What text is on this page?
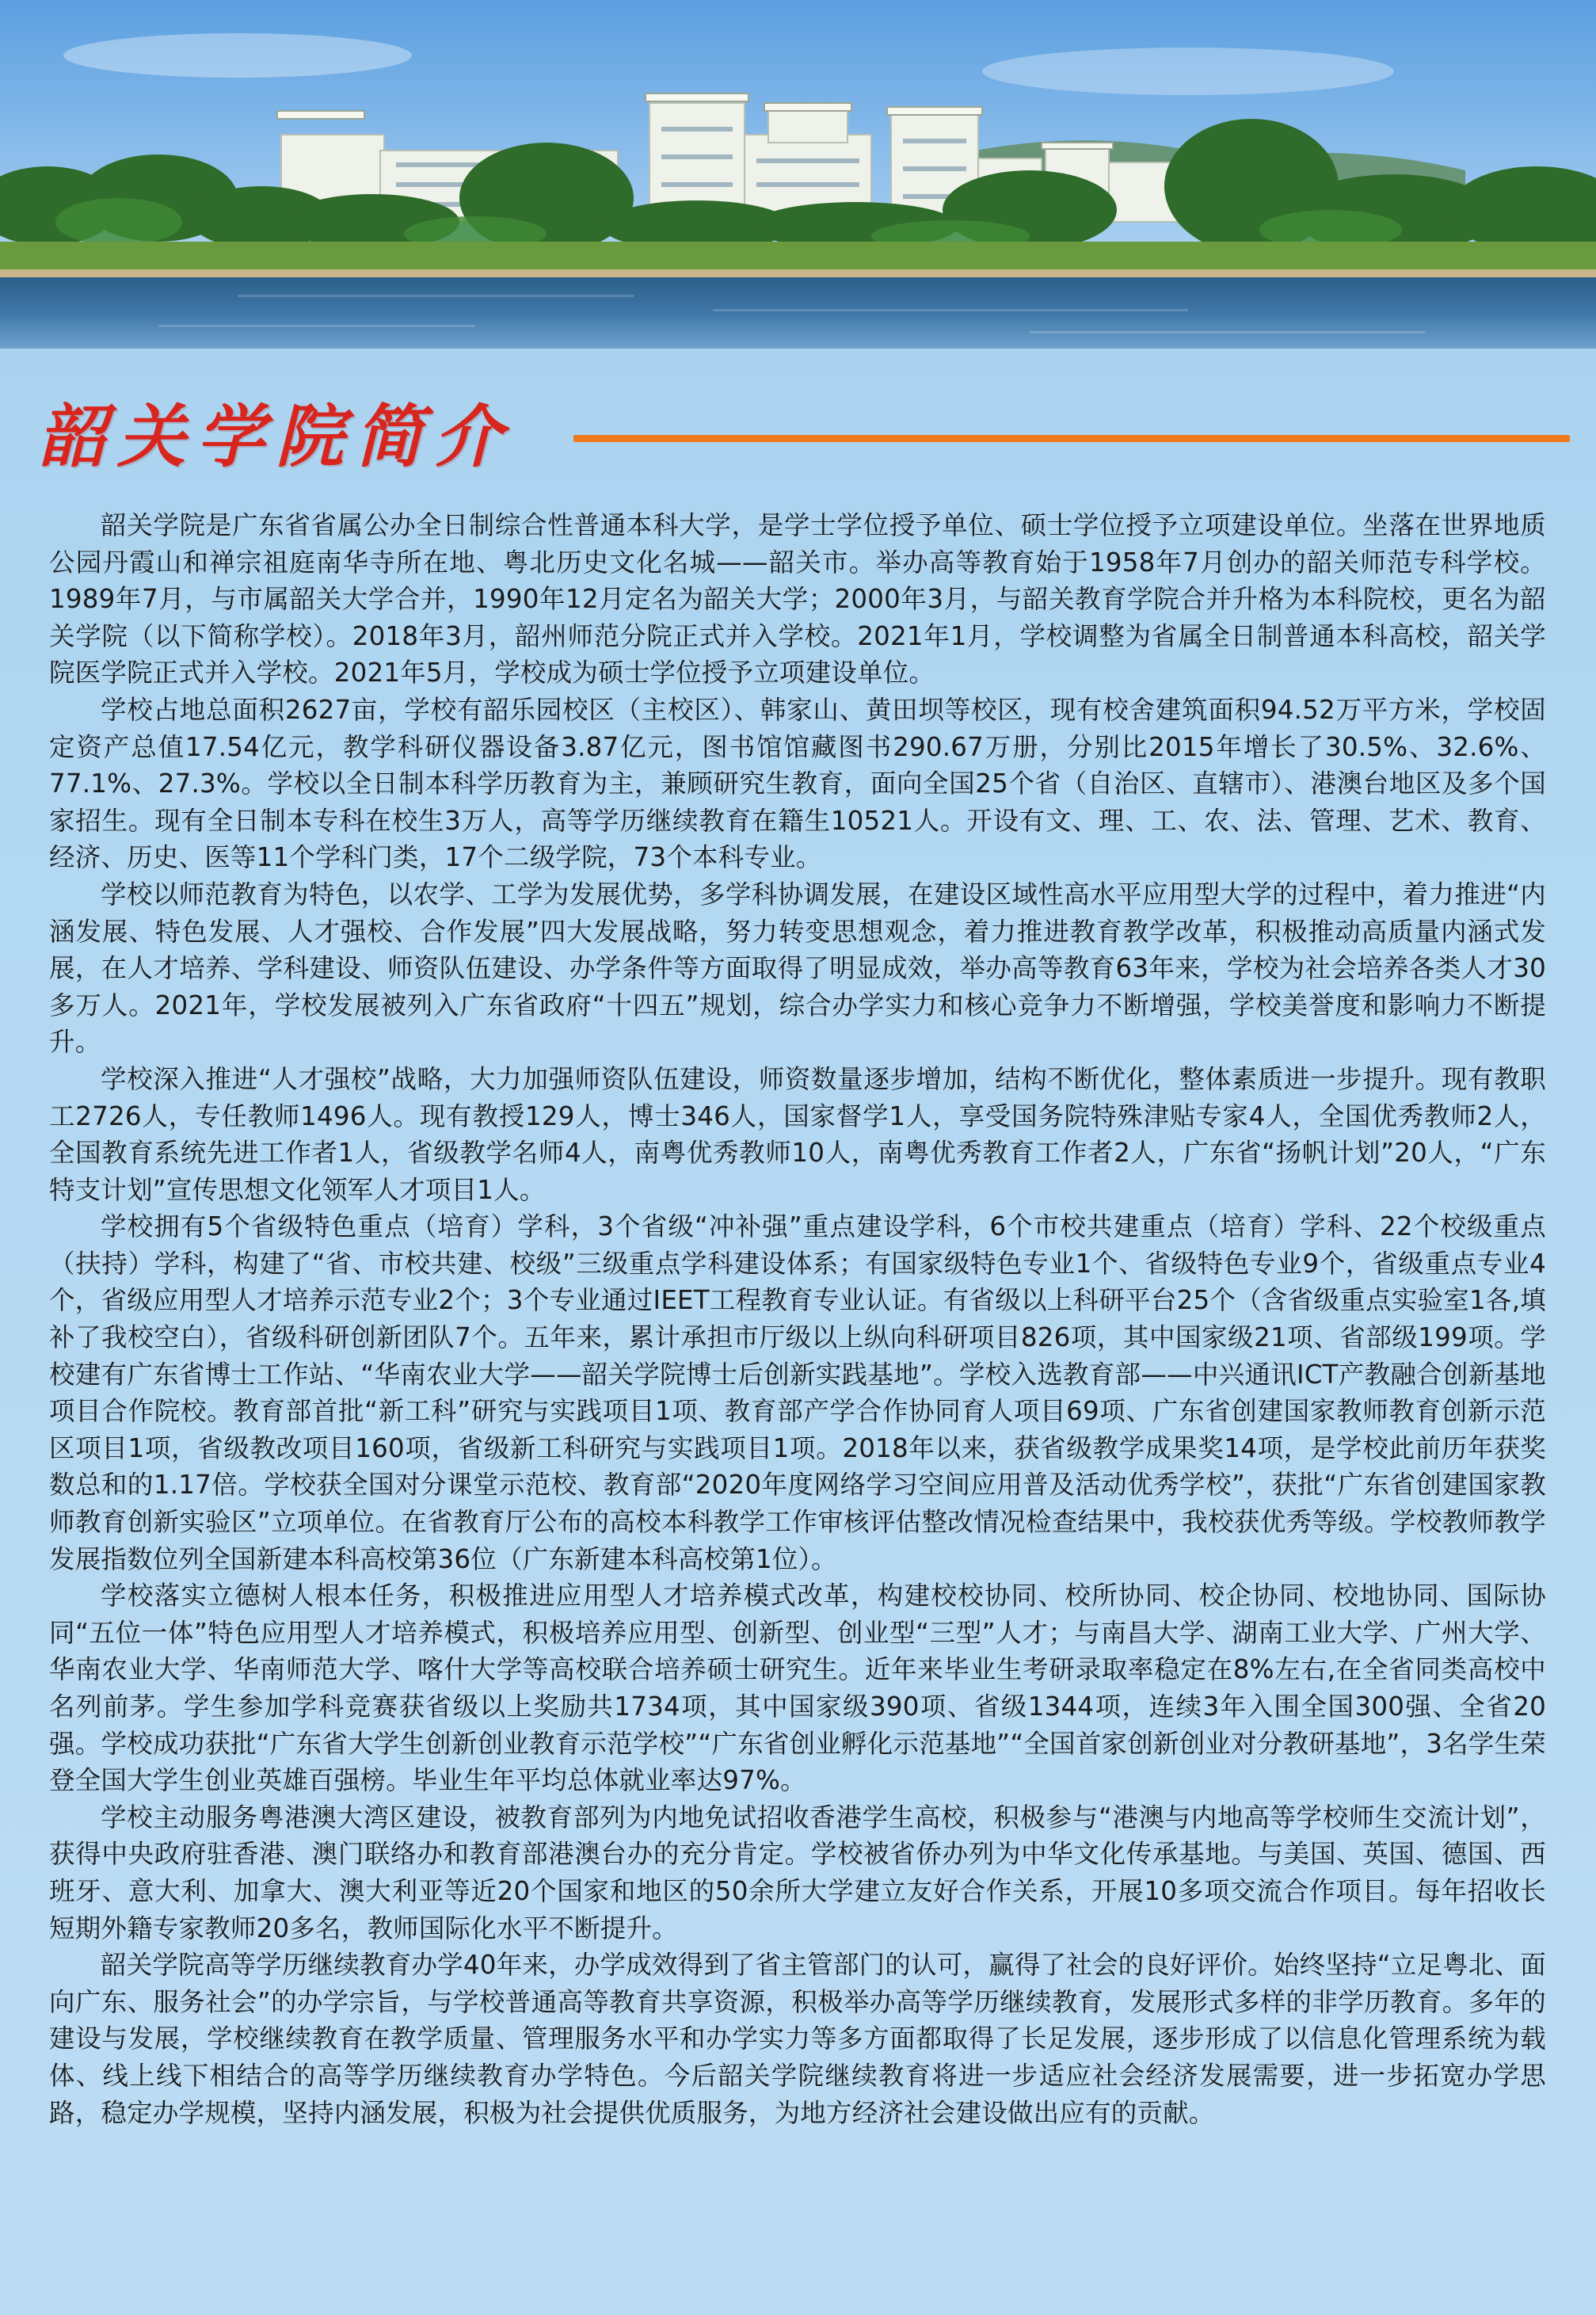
韶关学院简介

韶关学院是广东省省属公办全日制综合性普通本科大学，是学士学位授予单位、硕士学位授予立项建设单位。坐落在世界地质公园丹霞山和禅宗祖庭南华寺所在地、粤北历史文化名城——韶关市。举办高等教育始于1958年7月创办的韶关师范专科学校。1989年7月，与市属韶关大学合并，1990年12月定名为韶关大学；2000年3月，与韶关教育学院合并升格为本科院校，更名为韶关学院（以下简称学校）。2018年3月，韶州师范分院正式并入学校。2021年1月，学校调整为省属全日制普通本科高校，韶关学院医学院正式并入学校。2021年5月，学校成为硕士学位授予立项建设单位。

学校占地总面积2627亩，学校有韶乐园校区（主校区）、韩家山、黄田坝等校区，现有校舍建筑面积94.52万平方米，学校固定资产总值17.54亿元，教学科研仪器设备3.87亿元，图书馆馆藏图书290.67万册，分别比2015年增长了30.5%、32.6%、77.1%、27.3%。学校以全日制本科学历教育为主，兼顾研究生教育，面向全国25个省（自治区、直辖市）、港澳台地区及多个国家招生。现有全日制本专科在校生3万人，高等学历继续教育在籍生10521人。开设有文、理、工、农、法、管理、艺术、教育、经济、历史、医等11个学科门类，17个二级学院，73个本科专业。

学校以师范教育为特色，以农学、工学为发展优势，多学科协调发展，在建设区域性高水平应用型大学的过程中，着力推进“内涵发展、特色发展、人才强校、合作发展”四大发展战略，努力转变思想观念，着力推进教育教学改革，积极推动高质量内涵式发展，在人才培养、学科建设、师资队伍建设、办学条件等方面取得了明显成效，举办高等教育63年来，学校为社会培养各类人才30多万人。2021年，学校发展被列入广东省政府“十四五”规划，综合办学实力和核心竞争力不断增强，学校美誉度和影响力不断提升。

学校深入推进“人才强校”战略，大力加强师资队伍建设，师资数量逐步增加，结构不断优化，整体素质进一步提升。现有教职工2726人，专任教师1496人。现有教授129人，博士346人，国家督学1人，享受国务院特殊津贴专家4人，全国优秀教师2人，全国教育系统先进工作者1人，省级教学名师4人，南粤优秀教师10人，南粤优秀教育工作者2人，广东省“扬帆计划”20人，“广东特支计划”宣传思想文化领军人才项目1人。

学校拥有5个省级特色重点（培育）学科，3个省级“冲补强”重点建设学科，6个市校共建重点（培育）学科、22个校级重点（扶持）学科，构建了“省、市校共建、校级”三级重点学科建设体系；有国家级特色专业1个、省级特色专业9个，省级重点专业4个，省级应用型人才培养示范专业2个；3个专业通过IEET工程教育专业认证。有省级以上科研平台25个（含省级重点实验室1各,填补了我校空白），省级科研创新团队7个。五年来，累计承担市厅级以上纵向科研项目826项，其中国家级21项、省部级199项。学校建有广东省博士工作站、“华南农业大学——韶关学院博士后创新实践基地”。学校入选教育部——中兴通讯ICT产教融合创新基地项目合作院校。教育部首批“新工科”研究与实践项目1项、教育部产学合作协同育人项目69项、广东省创建国家教师教育创新示范区项目1项，省级教改项目160项，省级新工科研究与实践项目1项。2018年以来，获省级教学成果奖14项，是学校此前历年获奖数总和的1.17倍。学校获全国对分课堂示范校、教育部“2020年度网络学习空间应用普及活动优秀学校”，获批“广东省创建国家教师教育创新实验区”立项单位。在省教育厅公布的高校本科教学工作审核评估整改情况检查结果中，我校获优秀等级。学校教师教学发展指数位列全国新建本科高校第36位（广东新建本科高校第1位）。

学校落实立德树人根本任务，积极推进应用型人才培养模式改革，构建校校协同、校所协同、校企协同、校地协同、国际协同“五位一体”特色应用型人才培养模式，积极培养应用型、创新型、创业型“三型”人才；与南昌大学、湖南工业大学、广州大学、华南农业大学、华南师范大学、喀什大学等高校联合培养硕士研究生。近年来毕业生考研录取率稳定在8%左右,在全省同类高校中名列前茅。学生参加学科竞赛获省级以上奖励共1734项，其中国家级390项、省级1344项，连续3年入围全国300强、全省20强。学校成功获批“广东省大学生创新创业教育示范学校”“广东省创业孵化示范基地”“全国首家创新创业对分教研基地”，3名学生荣登全国大学生创业英雄百强榜。毕业生年平均总体就业率达97%。

学校主动服务粤港澳大湾区建设，被教育部列为内地免试招收香港学生高校，积极参与“港澳与内地高等学校师生交流计划”，获得中央政府驻香港、澳门联络办和教育部港澳台办的充分肯定。学校被省侨办列为中华文化传承基地。与美国、英国、德国、西班牙、意大利、加拿大、澳大利亚等近20个国家和地区的50余所大学建立友好合作关系，开展10多项交流合作项目。每年招收长短期外籍专家教师20多名，教师国际化水平不断提升。

韶关学院高等学历继续教育办学40年来，办学成效得到了省主管部门的认可，赢得了社会的良好评价。始终坚持“立足粤北、面向广东、服务社会”的办学宗旨，与学校普通高等教育共享资源，积极举办高等学历继续教育，发展形式多样的非学历教育。多年的建设与发展，学校继续教育在教学质量、管理服务水平和办学实力等多方面都取得了长足发展，逐步形成了以信息化管理系统为载体、线上线下相结合的高等学历继续教育办学特色。今后韶关学院继续教育将进一步适应社会经济发展需要，进一步拓宽办学思路，稳定办学规模，坚持内涵发展，积极为社会提供优质服务，为地方经济社会建设做出应有的贡献。
